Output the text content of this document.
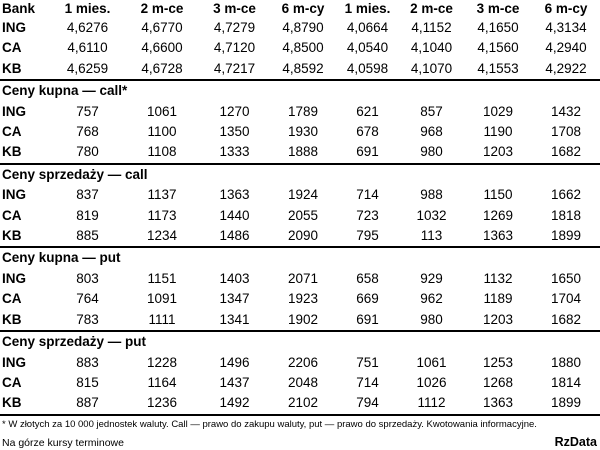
Bank	1 mies.	2 m-ce	3 m-ce	6 m-cy	1 mies.	2 m-ce	3 m-ce	6 m-cy
ING	4,6276	4,6770	4,7279	4,8790	4,0664	4,1152	4,1650	4,3134
CA	4,6110	4,6600	4,7120	4,8500	4,0540	4,1040	4,1560	4,2940
KB	4,6259	4,6728	4,7217	4,8592	4,0598	4,1070	4,1553	4,2922
Ceny kupna — call*								
ING	757	1061	1270	1789	621	857	1029	1432
CA	768	1100	1350	1930	678	968	1190	1708
KB	780	1108	1333	1888	691	980	1203	1682
Ceny sprzedaży — call								
ING	837	1137	1363	1924	714	988	1150	1662
CA	819	1173	1440	2055	723	1032	1269	1818
KB	885	1234	1486	2090	795	113	1363	1899
Ceny kupna — put								
ING	803	1151	1403	2071	658	929	1132	1650
CA	764	1091	1347	1923	669	962	1189	1704
KB	783	1111	1341	1902	691	980	1203	1682
Ceny sprzedaży — put								
ING	883	1228	1496	2206	751	1061	1253	1880
CA	815	1164	1437	2048	714	1026	1268	1814
KB	887	1236	1492	2102	794	1112	1363	1899
* W złotych za 10 000 jednostek waluty. Call — prawo do zakupu waluty, put — prawo do sprzedaży. Kwotowania informacyjne.
Na górze kursy terminowe	RzData
